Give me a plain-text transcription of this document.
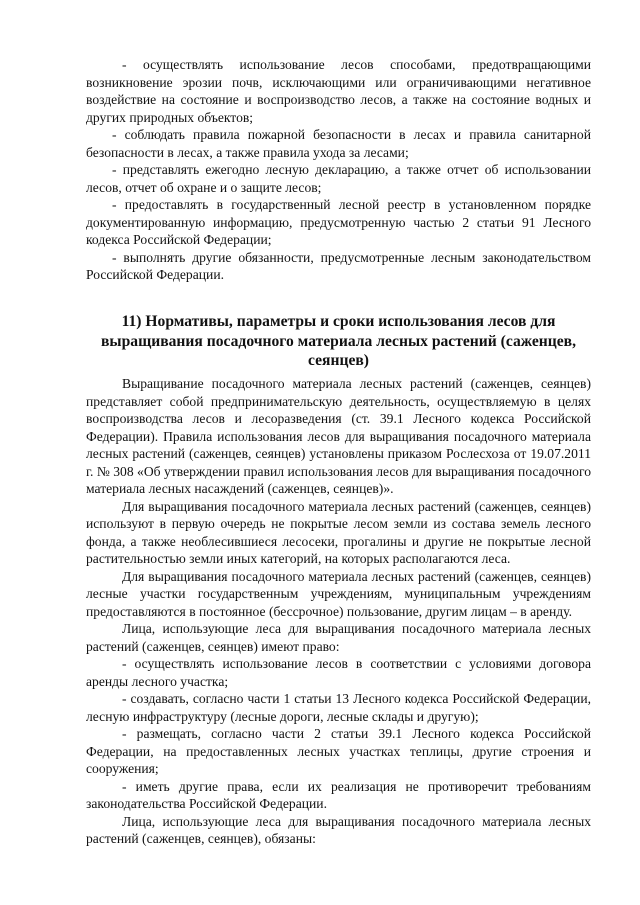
- осуществлять использование лесов способами, предотвращающими возникновение эрозии почв, исключающими или ограничивающими негативное воздействие на состояние и воспроизводство лесов, а также на состояние водных и других природных объектов;

- соблюдать правила пожарной безопасности в лесах и правила санитарной безопасности в лесах, а также правила ухода за лесами;

- представлять ежегодно лесную декларацию, а также отчет об использовании лесов, отчет об охране и о защите лесов;

- предоставлять в государственный лесной реестр в установленном порядке документированную информацию, предусмотренную частью 2 статьи 91 Лесного кодекса Российской Федерации;

- выполнять другие обязанности, предусмотренные лесным законодательством Российской Федерации.

11) Нормативы, параметры и сроки использования лесов для выращивания посадочного материала лесных растений (саженцев, сеянцев)

Выращивание посадочного материала лесных растений (саженцев, сеянцев) представляет собой предпринимательскую деятельность, осуществляемую в целях воспроизводства лесов и лесоразведения (ст. 39.1 Лесного кодекса Российской Федерации). Правила использования лесов для выращивания посадочного материала лесных растений (саженцев, сеянцев) установлены приказом Рослесхоза от 19.07.2011 г. № 308 «Об утверждении правил использования лесов для выращивания посадочного материала лесных насаждений (саженцев, сеянцев)».

Для выращивания посадочного материала лесных растений (саженцев, сеянцев) используют в первую очередь не покрытые лесом земли из состава земель лесного фонда, а также необлесившиеся лесосеки, прогалины и другие не покрытые лесной растительностью земли иных категорий, на которых располагаются леса.

Для выращивания посадочного материала лесных растений (саженцев, сеянцев) лесные участки государственным учреждениям, муниципальным учреждениям предоставляются в постоянное (бессрочное) пользование, другим лицам – в аренду.

Лица, использующие леса для выращивания посадочного материала лесных растений (саженцев, сеянцев) имеют право:

- осуществлять использование лесов в соответствии с условиями договора аренды лесного участка;

- создавать, согласно части 1 статьи 13 Лесного кодекса Российской Федерации, лесную инфраструктуру (лесные дороги, лесные склады и другую);

- размещать, согласно части 2 статьи 39.1 Лесного кодекса Российской Федерации, на предоставленных лесных участках теплицы, другие строения и сооружения;

- иметь другие права, если их реализация не противоречит требованиям законодательства Российской Федерации.

Лица, использующие леса для выращивания посадочного материала лесных растений (саженцев, сеянцев), обязаны:
